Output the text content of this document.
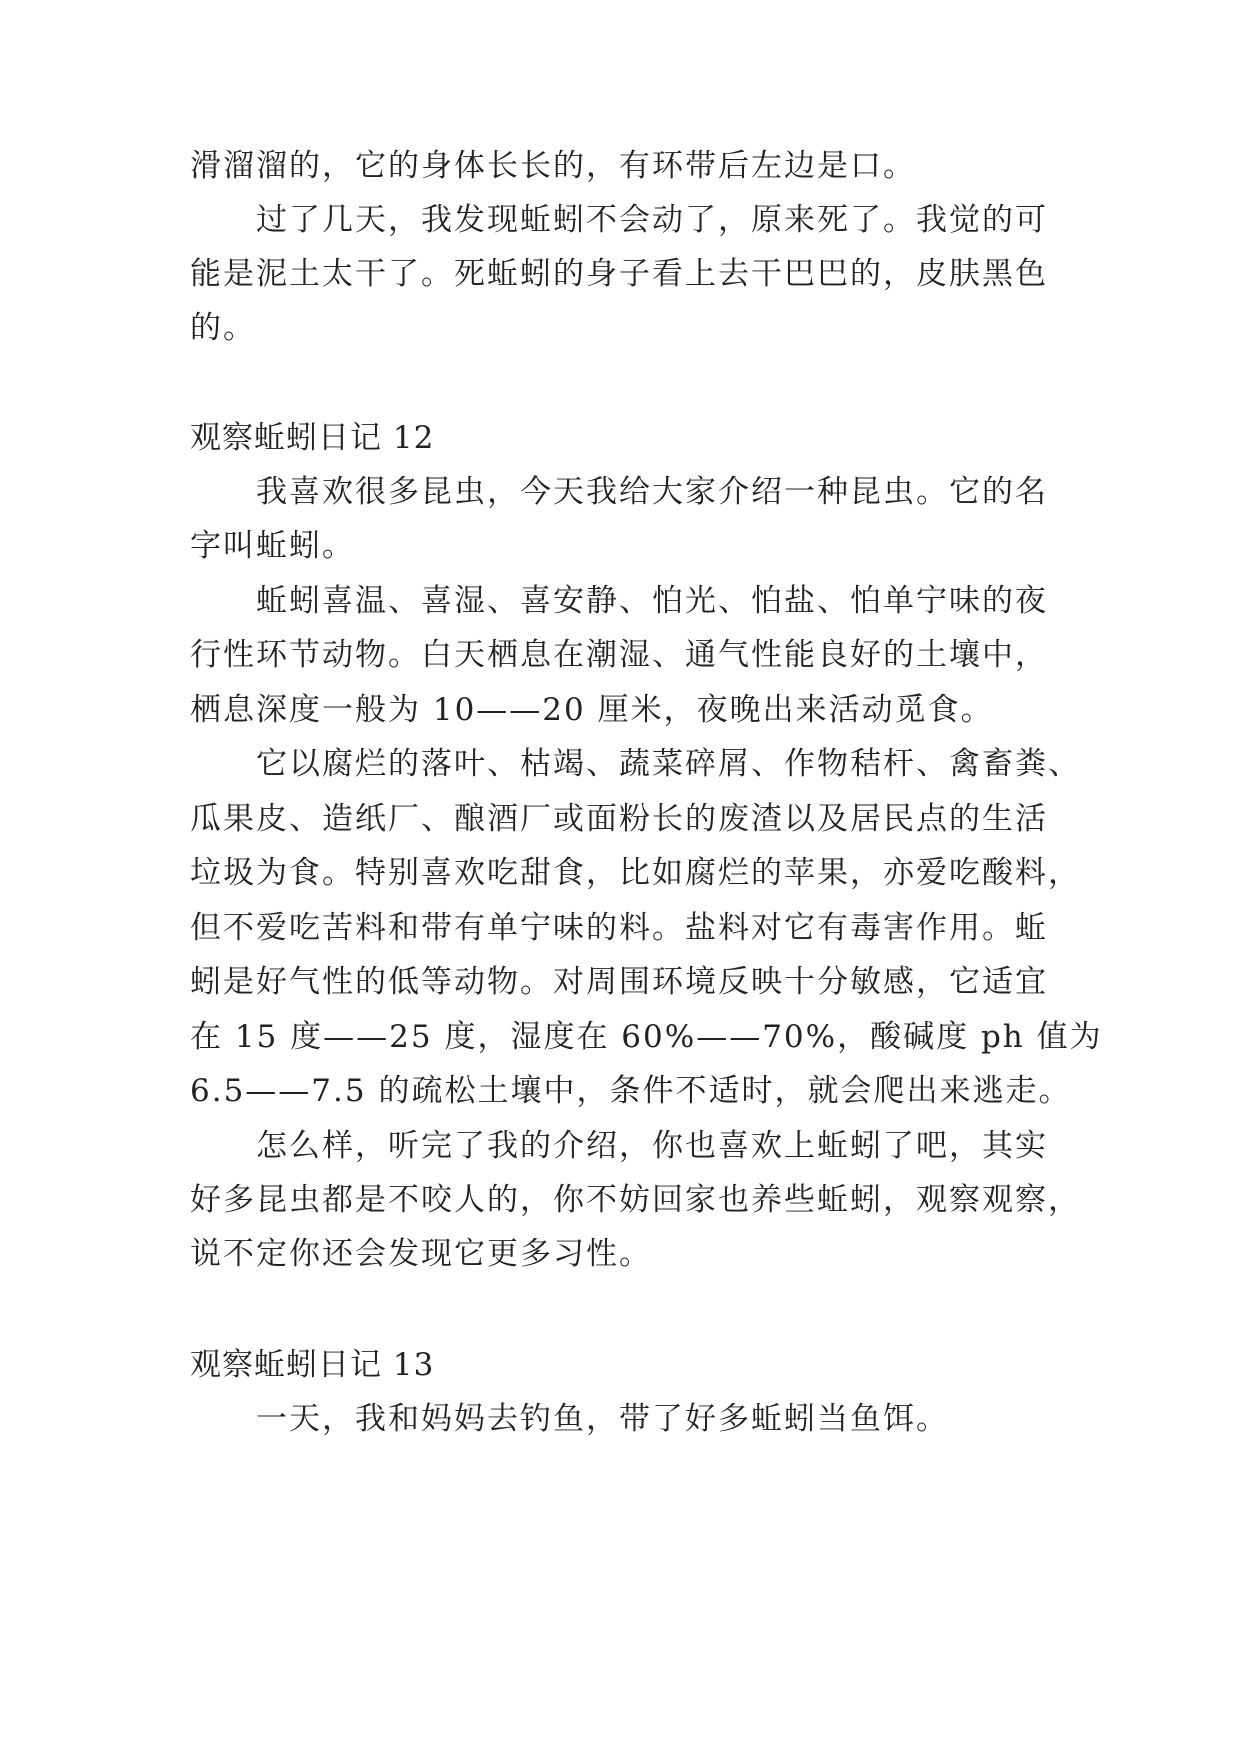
滑溜溜的，它的身体长长的，有环带后左边是口。
过了几天，我发现蚯蚓不会动了，原来死了。我觉的可
能是泥土太干了。死蚯蚓的身子看上去干巴巴的，皮肤黑色
的。
观察蚯蚓日记 12
我喜欢很多昆虫，今天我给大家介绍一种昆虫。它的名
字叫蚯蚓。
蚯蚓喜温、喜湿、喜安静、怕光、怕盐、怕单宁味的夜
行性环节动物。白天栖息在潮湿、通气性能良好的土壤中，
栖息深度一般为 10——20 厘米，夜晚出来活动觅食。
它以腐烂的落叶、枯竭、蔬菜碎屑、作物秸杆、禽畜粪、
瓜果皮、造纸厂、酿酒厂或面粉长的废渣以及居民点的生活
垃圾为食。特别喜欢吃甜食，比如腐烂的苹果，亦爱吃酸料，
但不爱吃苦料和带有单宁味的料。盐料对它有毒害作用。蚯
蚓是好气性的低等动物。对周围环境反映十分敏感，它适宜
在 15 度——25 度，湿度在 60%——70%，酸碱度 ph 值为
6.5——7.5 的疏松土壤中，条件不适时，就会爬出来逃走。
怎么样，听完了我的介绍，你也喜欢上蚯蚓了吧，其实
好多昆虫都是不咬人的，你不妨回家也养些蚯蚓，观察观察，
说不定你还会发现它更多习性。
观察蚯蚓日记 13
一天，我和妈妈去钓鱼，带了好多蚯蚓当鱼饵。
